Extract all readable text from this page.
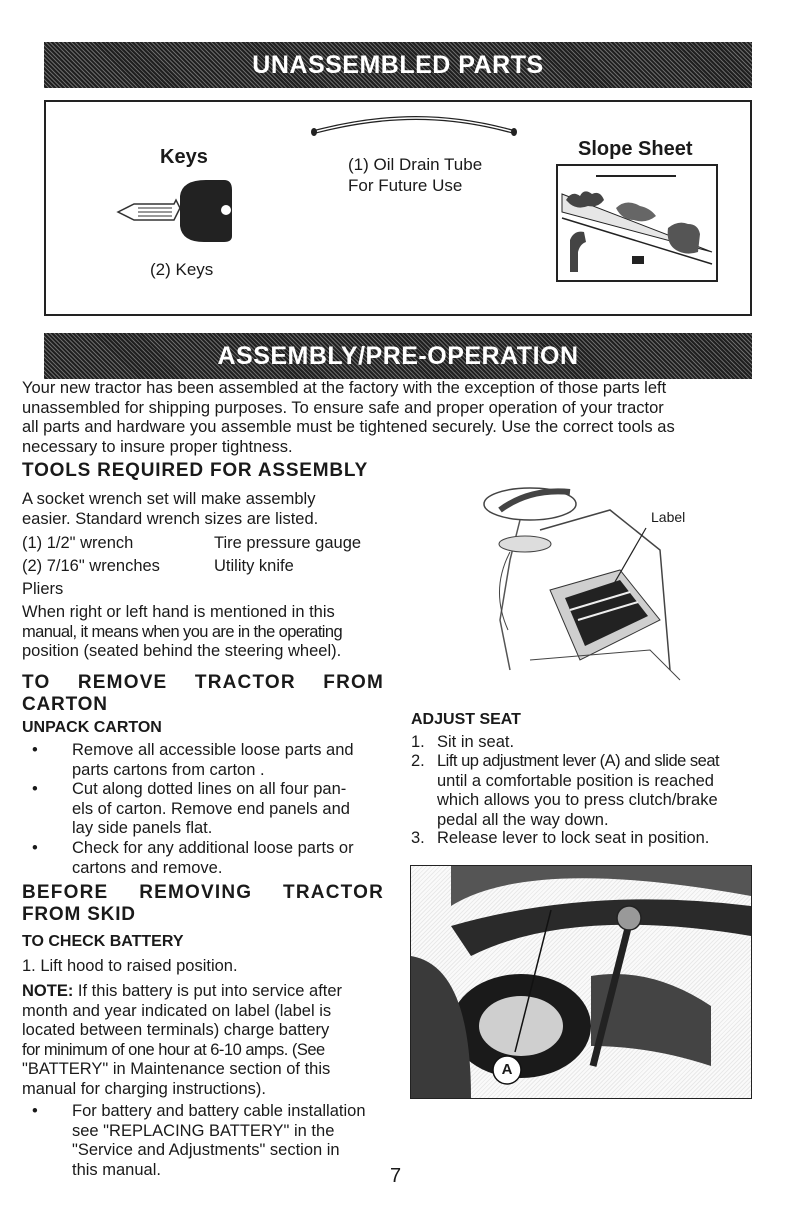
UNASSEMBLED PARTS
Keys
(2) Keys
(1) Oil Drain Tube
For Future Use
Slope Sheet
ASSEMBLY/PRE-OPERATION
Your new tractor has been assembled at the factory with the exception of those parts left
unassembled for shipping purposes. To ensure safe and proper operation of your tractor
all parts and hardware you assemble must be tightened securely. Use the correct tools as
necessary to insure proper tightness.
TOOLS REQUIRED FOR ASSEMBLY
A socket wrench set will make assembly
easier. Standard wrench sizes are listed.
(1) 1/2" wrench	Tire pressure gauge
(2) 7/16" wrenches	Utility knife
Pliers
When right or left hand is mentioned in this
manual, it means when you are in the operating
position (seated behind the steering wheel).
Label
TO REMOVE TRACTOR FROM
CARTON
UNPACK CARTON
• Remove all accessible loose parts and
parts cartons from carton .
• Cut along dotted lines on all four pan-
els of carton. Remove end panels and
lay side panels flat.
• Check for any additional loose parts or
cartons and remove.
BEFORE REMOVING TRACTOR
FROM SKID
TO CHECK BATTERY
1. Lift hood to raised position.
NOTE: If this battery is put into service after
month and year indicated on label (label is
located between terminals) charge battery
for minimum of one hour at 6-10 amps. (See
"BATTERY" in Maintenance section of this
manual for charging instructions).
• For battery and battery cable installation
see "REPLACING BATTERY" in the
"Service and Adjustments" section in
this manual.
ADJUST SEAT
1. Sit in seat.
2. Lift up adjustment lever (A) and slide seat
until a comfortable position is reached
which allows you to press clutch/brake
pedal all the way down.
3. Release lever to lock seat in position.
A
7
